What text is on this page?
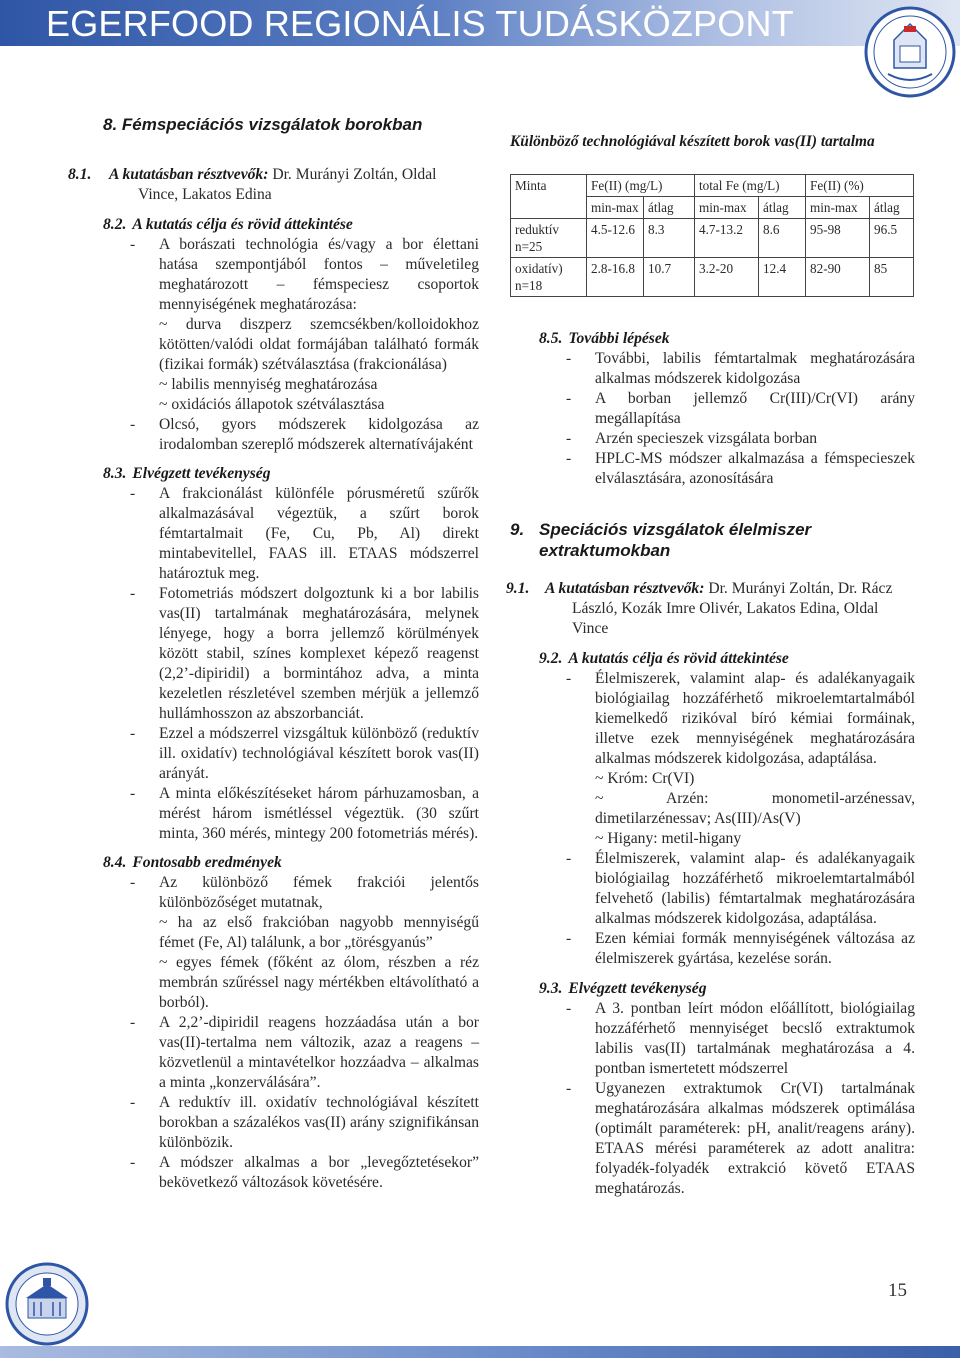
EGERFOOD REGIONÁLIS TUDÁSKÖZPONT
8. Fémspeciációs vizsgálatok borokban
8.1. A kutatásban résztvevők: Dr. Murányi Zoltán, Oldal Vince, Lakatos Edina
8.2. A kutatás célja és rövid áttekintése
- A borászati technológia és/vagy a bor élettani hatása szempontjából fontos – műveletileg meghatározott – fémspeciesz csoportok mennyiségének meghatározása:
~ durva diszperz szemcsékben/kolloidokhoz kötötten/valódi oldat formájában található formák (fizikai formák) szétválasztása (frakcionálása)
~ labilis mennyiség meghatározása
~ oxidációs állapotok szétválasztása
- Olcsó, gyors módszerek kidolgozása az irodalomban szereplő módszerek alternatívájaként
8.3. Elvégzett tevékenység
- A frakcionálást különféle pórusméretű szűrők alkalmazásával végeztük, a szűrt borok fémtartalmait (Fe, Cu, Pb, Al) direkt mintabevitellel, FAAS ill. ETAAS módszerrel határoztuk meg.
- Fotometriás módszert dolgoztunk ki a bor labilis vas(II) tartalmának meghatározására, melynek lényege, hogy a borra jellemző körülmények között stabil, színes komplexet képező reagenst (2,2’-dipiridil) a bormintához adva, a minta kezeletlen részletével szemben mérjük a jellemző hullámhosszon az abszorbanciát.
- Ezzel a módszerrel vizsgáltuk különböző (reduktív ill. oxidatív) technológiával készített borok vas(II) arányát.
- A minta előkészítéseket három párhuzamosban, a mérést három ismétléssel végeztük. (30 szűrt minta, 360 mérés, mintegy 200 fotometriás mérés).
8.4. Fontosabb eredmények
- Az különböző fémek frakciói jelentős különbözőséget mutatnak,
~ ha az első frakcióban nagyobb mennyiségű fémet (Fe, Al) találunk, a bor „törésgyanús”
~ egyes fémek (főként az ólom, részben a réz membrán szűréssel nagy mértékben eltávolítható a borból).
- A 2,2’-dipiridil reagens hozzáadása után a bor vas(II)-tertalma nem változik, azaz a reagens – közvetlenül a mintavételkor hozzáadva – alkalmas a minta „konzerválására”.
- A reduktív ill. oxidatív technológiával készített borokban a százalékos vas(II) arány szignifikánsan különbözik.
- A módszer alkalmas a bor „levegőztetésekor” bekövetkező változások követésére.
Különböző technológiával készített borok vas(II) tartalma
Minta	Fe(II) (mg/L)		total Fe (mg/L)		Fe(II) (%)	
	min-max	átlag	min-max	átlag	min-max	átlag
reduktív n=25	4.5-12.6	8.3	4.7-13.2	8.6	95-98	96.5
oxidatív) n=18	2.8-16.8	10.7	3.2-20	12.4	82-90	85
8.5. További lépések
- További, labilis fémtartalmak meghatározására alkalmas módszerek kidolgozása
- A borban jellemző Cr(III)/Cr(VI) arány megállapítása
- Arzén specieszek vizsgálata borban
- HPLC-MS módszer alkalmazása a fémspecieszek elválasztására, azonosítására
9. Speciációs vizsgálatok élelmiszer extraktumokban
9.1. A kutatásban résztvevők: Dr. Murányi Zoltán, Dr. Rácz László, Kozák Imre Olivér, Lakatos Edina, Oldal Vince
9.2. A kutatás célja és rövid áttekintése
- Élelmiszerek, valamint alap- és adalékanyagaik biológiailag hozzáférhető mikroelemtartalmából kiemelkedő rizikóval bíró kémiai formáinak, illetve ezek mennyiségének meghatározására alkalmas módszerek kidolgozása, adaptálása.
~ Króm: Cr(VI)
~ Arzén: monometil-arzénessav, dimetilarzénessav; As(III)/As(V)
~ Higany: metil-higany
- Élelmiszerek, valamint alap- és adalékanyagaik biológiailag hozzáférhető mikroelemtartalmából felvehető (labilis) fémtartalmak meghatározására alkalmas módszerek kidolgozása, adaptálása.
- Ezen kémiai formák mennyiségének változása az élelmiszerek gyártása, kezelése során.
9.3. Elvégzett tevékenység
- A 3. pontban leírt módon előállított, biológiailag hozzáférhető mennyiséget becslő extraktumok labilis vas(II) tartalmának meghatározása a 4. pontban ismertetett módszerrel
- Ugyanezen extraktumok Cr(VI) tartalmának meghatározására alkalmas módszerek optimálása (optimált paraméterek: pH, analit/reagens arány). ETAAS mérési paraméterek az adott analitra: folyadék-folyadék extrakció követő ETAAS meghatározás.
15
